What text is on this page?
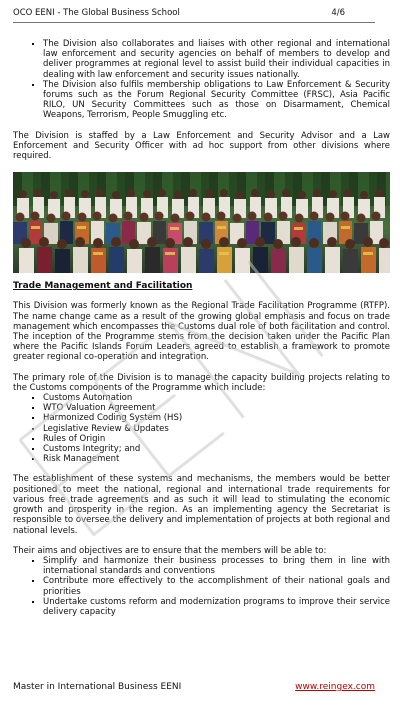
OCO EENI - The Global Business School	4/6
▪ The Division also collaborates and liaises with other regional and international law enforcement and security agencies on behalf of members to develop and deliver programmes at regional level to assist build their individual capacities in dealing with law enforcement and security issues nationally.
▪ The Division also fulfils membership obligations to Law Enforcement & Security forums such as the Forum Regional Security Committee (FRSC), Asia Pacific RILO, UN Security Committees such as those on Disarmament, Chemical Weapons, Terrorism, People Smuggling etc.

The Division is staffed by a Law Enforcement and Security Advisor and a Law Enforcement and Security Officer with ad hoc support from other divisions where required.

Trade Management and Facilitation

This Division was formerly known as the Regional Trade Facilitation Programme (RTFP). The name change came as a result of the growing global emphasis and focus on trade management which encompasses the Customs dual role of both facilitation and control. The inception of the Programme stems from the decision taken under the Pacific Plan where the Pacific Islands Forum Leaders agreed to establish a framework to promote greater regional co-operation and integration.

The primary role of the Division is to manage the capacity building projects relating to the Customs components of the Programme which include:

▪ Customs Automation
▪ WTO Valuation Agreement
▪ Harmonized Coding System (HS)
▪ Legislative Review & Updates
▪ Rules of Origin
▪ Customs Integrity; and
▪ Risk Management

The establishment of these systems and mechanisms, the members would be better positioned to meet the national, regional and international trade requirements for various free trade agreements and as such it will lead to stimulating the economic growth and prosperity in the region. As an implementing agency the Secretariat is responsible to oversee the delivery and implementation of projects at both regional and national levels.

Their aims and objectives are to ensure that the members will be able to:

▪ Simplify and harmonize their business processes to bring them in line with international standards and conventions
▪ Contribute more effectively to the accomplishment of their national goals and priorities
▪ Undertake customs reform and modernization programs to improve their service delivery capacity
Master in International Business EENI	www.reingex.com
